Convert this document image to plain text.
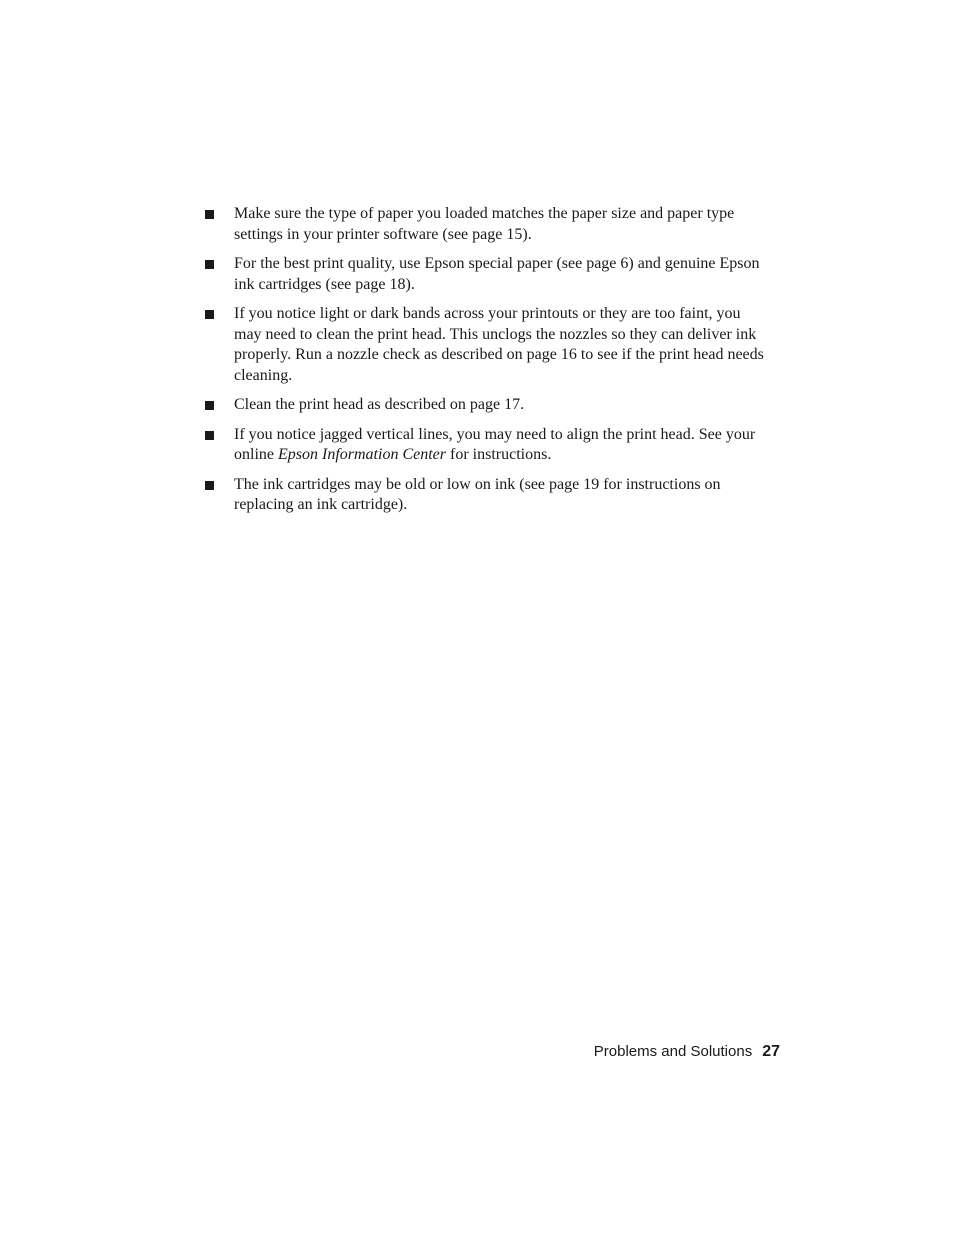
Make sure the type of paper you loaded matches the paper size and paper type settings in your printer software (see page 15).
For the best print quality, use Epson special paper (see page 6) and genuine Epson ink cartridges (see page 18).
If you notice light or dark bands across your printouts or they are too faint, you may need to clean the print head. This unclogs the nozzles so they can deliver ink properly. Run a nozzle check as described on page 16 to see if the print head needs cleaning.
Clean the print head as described on page 17.
If you notice jagged vertical lines, you may need to align the print head. See your online Epson Information Center for instructions.
The ink cartridges may be old or low on ink (see page 19 for instructions on replacing an ink cartridge).
Problems and Solutions 27
